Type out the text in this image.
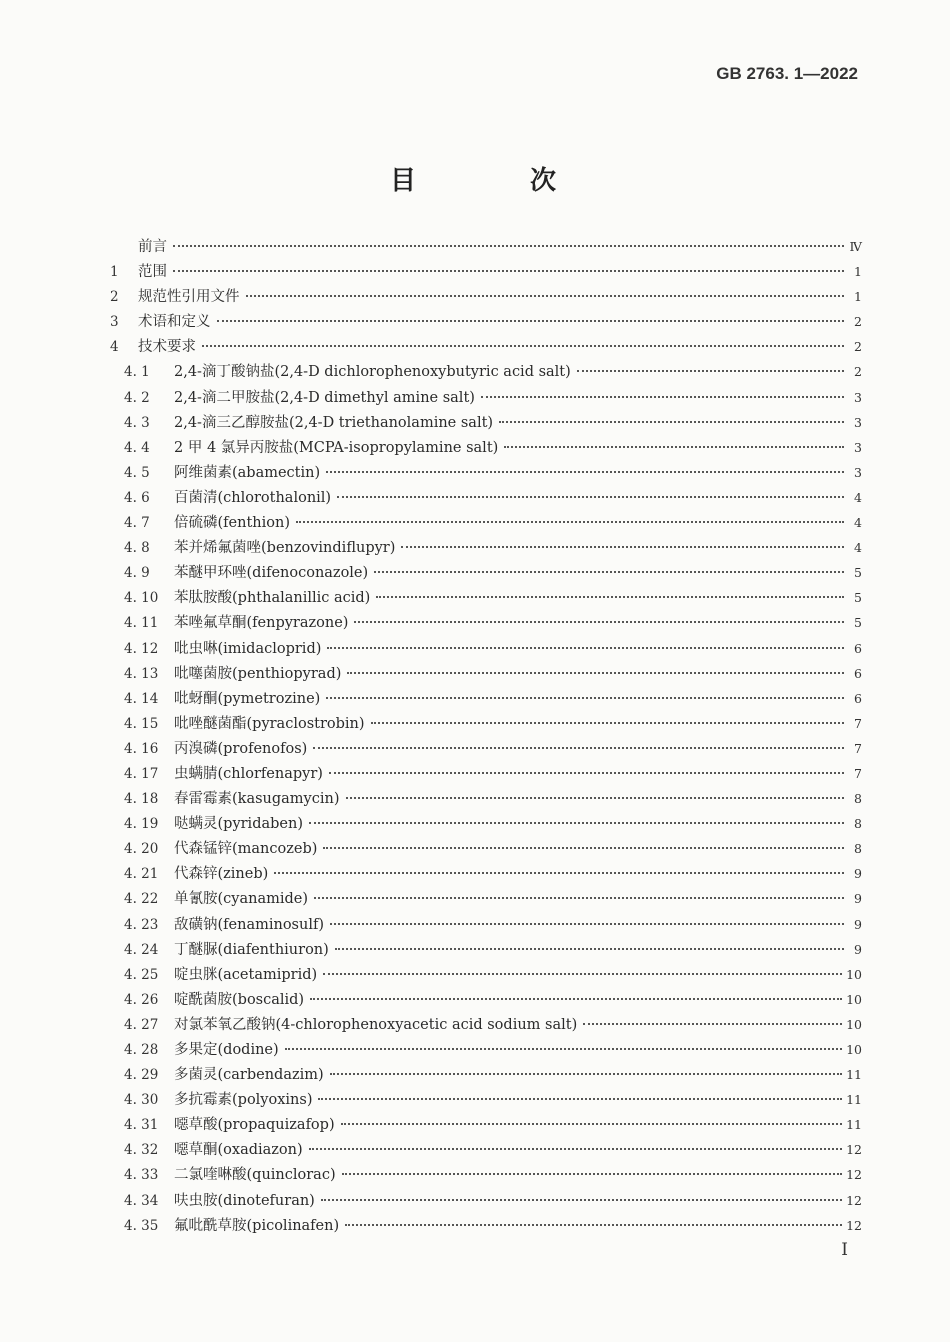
GB 2763. 1—2022
目　次
前言	Ⅳ
1	范围	1
2	规范性引用文件	1
3	术语和定义	2
4	技术要求	2
4. 1	2,4-滴丁酸钠盐(2,4-D dichlorophenoxybutyric acid salt)	2
4. 2	2,4-滴二甲胺盐(2,4-D dimethyl amine salt)	3
4. 3	2,4-滴三乙醇胺盐(2,4-D triethanolamine salt)	3
4. 4	2 甲 4 氯异丙胺盐(MCPA-isopropylamine salt)	3
4. 5	阿维菌素(abamectin)	3
4. 6	百菌清(chlorothalonil)	4
4. 7	倍硫磷(fenthion)	4
4. 8	苯并烯氟菌唑(benzovindiflupyr)	4
4. 9	苯醚甲环唑(difenoconazole)	5
4. 10	苯肽胺酸(phthalanillic acid)	5
4. 11	苯唑氟草酮(fenpyrazone)	5
4. 12	吡虫啉(imidacloprid)	6
4. 13	吡噻菌胺(penthiopyrad)	6
4. 14	吡蚜酮(pymetrozine)	6
4. 15	吡唑醚菌酯(pyraclostrobin)	7
4. 16	丙溴磷(profenofos)	7
4. 17	虫螨腈(chlorfenapyr)	7
4. 18	春雷霉素(kasugamycin)	8
4. 19	哒螨灵(pyridaben)	8
4. 20	代森锰锌(mancozeb)	8
4. 21	代森锌(zineb)	9
4. 22	单氰胺(cyanamide)	9
4. 23	敌磺钠(fenaminosulf)	9
4. 24	丁醚脲(diafenthiuron)	9
4. 25	啶虫脒(acetamiprid)	10
4. 26	啶酰菌胺(boscalid)	10
4. 27	对氯苯氧乙酸钠(4-chlorophenoxyacetic acid sodium salt)	10
4. 28	多果定(dodine)	10
4. 29	多菌灵(carbendazim)	11
4. 30	多抗霉素(polyoxins)	11
4. 31	噁草酸(propaquizafop)	11
4. 32	噁草酮(oxadiazon)	12
4. 33	二氯喹啉酸(quinclorac)	12
4. 34	呋虫胺(dinotefuran)	12
4. 35	氟吡酰草胺(picolinafen)	12
Ⅰ
